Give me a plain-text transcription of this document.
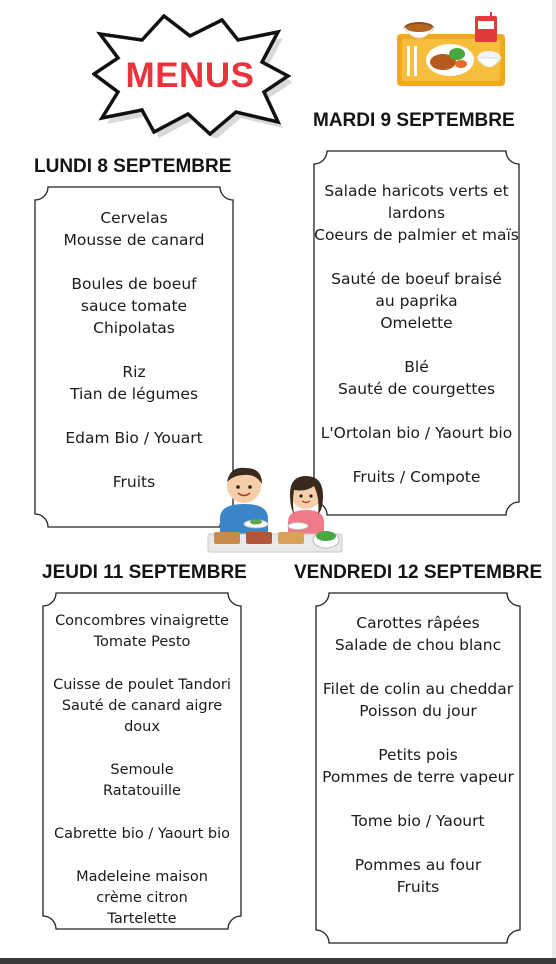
MENUS
LUNDI 8 SEPTEMBRE
MARDI 9 SEPTEMBRE
JEUDI 11 SEPTEMBRE VENDREDI 12 SEPTEMBRE
Cervelas
Mousse de canard
Boules de boeuf
sauce tomate
Chipolatas
Riz
Tian de légumes
Edam Bio / Youart
Fruits
Salade haricots verts et
lardons
Coeurs de palmier et maïs
Sauté de boeuf braisé
au paprika
Omelette
Blé
Sauté de courgettes
L'Ortolan bio / Yaourt bio
Fruits / Compote
Concombres vinaigrette
Tomate Pesto
Cuisse de poulet Tandori
Sauté de canard aigre
doux
Semoule
Ratatouille
Cabrette bio / Yaourt bio
Madeleine maison
crème citron
Tartelette
Carottes râpées
Salade de chou blanc
Filet de colin au cheddar
Poisson du jour
Petits pois
Pommes de terre vapeur
Tome bio / Yaourt
Pommes au four
Fruits
